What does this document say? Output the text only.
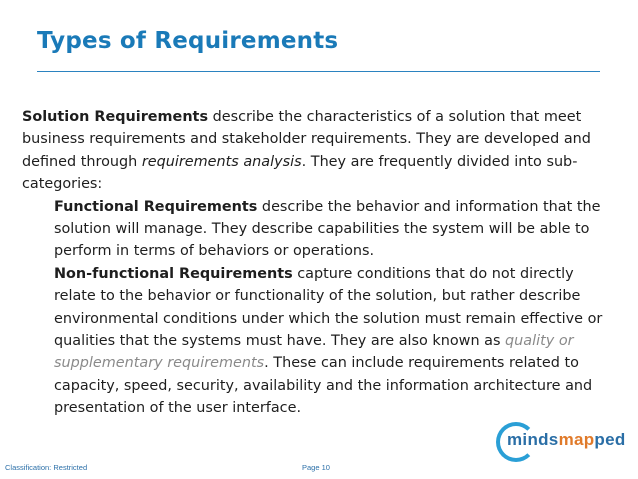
Types of Requirements

Solution Requirements describe the characteristics of a solution that meet business requirements and stakeholder requirements. They are developed and defined through requirements analysis. They are frequently divided into sub-categories:

Functional Requirements describe the behavior and information that the solution will manage. They describe capabilities the system will be able to perform in terms of behaviors or operations.

Non-functional Requirements capture conditions that do not directly relate to the behavior or functionality of the solution, but rather describe environmental conditions under which the solution must remain effective or qualities that the systems must have. They are also known as quality or supplementary requirements. These can include requirements related to capacity, speed, security, availability and the information architecture and presentation of the user interface.

Classification: Restricted	Page 10
mindsmapped
